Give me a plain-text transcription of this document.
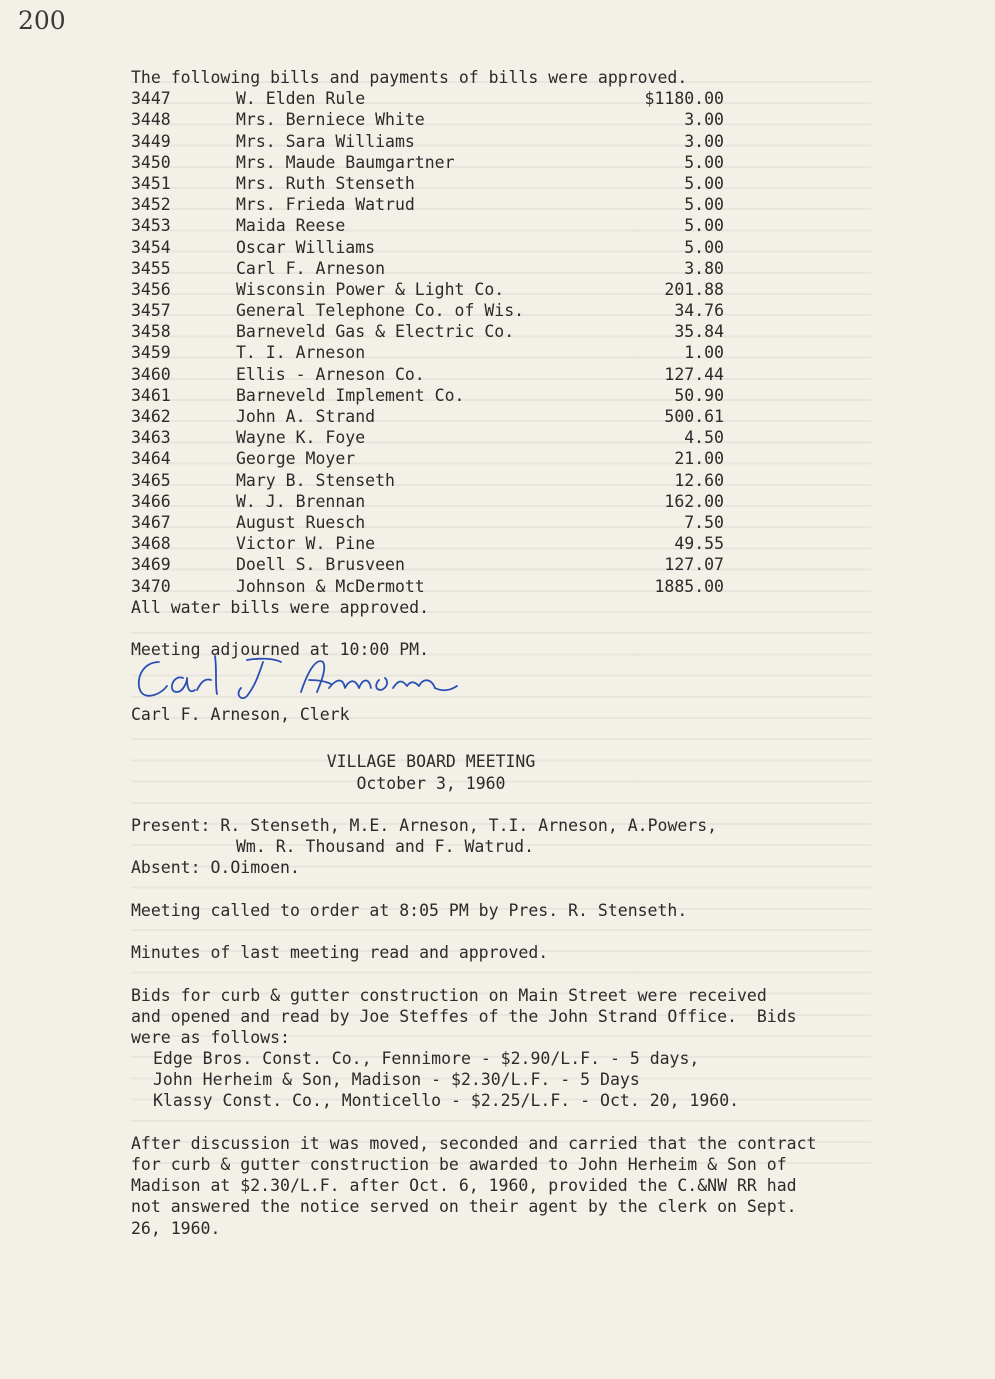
200
The following bills and payments of bills were approved.
3447	W. Elden Rule	$1180.00
3448	Mrs. Berniece White	3.00
3449	Mrs. Sara Williams	3.00
3450	Mrs. Maude Baumgartner	5.00
3451	Mrs. Ruth Stenseth	5.00
3452	Mrs. Frieda Watrud	5.00
3453	Maida Reese	5.00
3454	Oscar Williams	5.00
3455	Carl F. Arneson	3.80
3456	Wisconsin Power & Light Co.	201.88
3457	General Telephone Co. of Wis.	34.76
3458	Barneveld Gas & Electric Co.	35.84
3459	T. I. Arneson	1.00
3460	Ellis - Arneson Co.	127.44
3461	Barneveld Implement Co.	50.90
3462	John A. Strand	500.61
3463	Wayne K. Foye	4.50
3464	George Moyer	21.00
3465	Mary B. Stenseth	12.60
3466	W. J. Brennan	162.00
3467	August Ruesch	7.50
3468	Victor W. Pine	49.55
3469	Doell S. Brusveen	127.07
3470	Johnson & McDermott	1885.00
All water bills were approved.
Meeting adjourned at 10:00 PM.
Carl F. Arneson, Clerk
VILLAGE BOARD MEETING
October 3, 1960
Present: R. Stenseth, M.E. Arneson, T.I. Arneson, A.Powers,
Wm. R. Thousand and F. Watrud.
Absent: O.Oimoen.
Meeting called to order at 8:05 PM by Pres. R. Stenseth.
Minutes of last meeting read and approved.
Bids for curb & gutter construction on Main Street were received
and opened and read by Joe Steffes of the John Strand Office.  Bids
were as follows:
Edge Bros. Const. Co., Fennimore - $2.90/L.F. - 5 days,
John Herheim & Son, Madison - $2.30/L.F. - 5 Days
Klassy Const. Co., Monticello - $2.25/L.F. - Oct. 20, 1960.
After discussion it was moved, seconded and carried that the contract
for curb & gutter construction be awarded to John Herheim & Son of
Madison at $2.30/L.F. after Oct. 6, 1960, provided the C.&NW RR had
not answered the notice served on their agent by the clerk on Sept.
26, 1960.
